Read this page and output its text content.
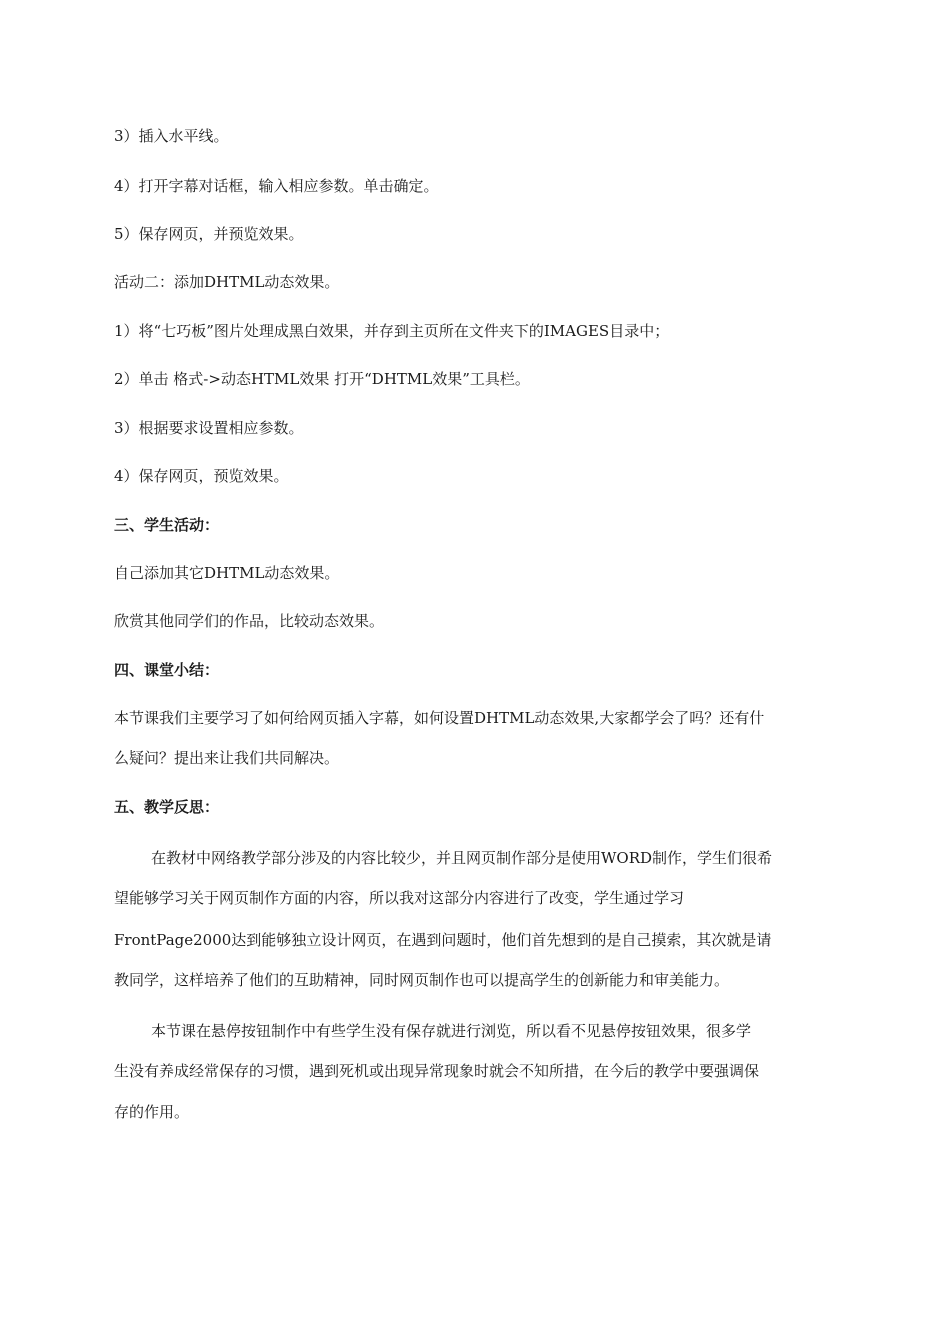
3）插入水平线。
4）打开字幕对话框，输入相应参数。单击确定。
5）保存网页，并预览效果。
活动二：添加DHTML动态效果。
1）将“七巧板”图片处理成黑白效果，并存到主页所在文件夹下的IMAGES目录中；
2）单击 格式->动态HTML效果 打开“DHTML效果”工具栏。
3）根据要求设置相应参数。
4）保存网页，预览效果。
三、学生活动：
自己添加其它DHTML动态效果。
欣赏其他同学们的作品，比较动态效果。
四、课堂小结：
本节课我们主要学习了如何给网页插入字幕，如何设置DHTML动态效果,大家都学会了吗？还有什
么疑问？提出来让我们共同解决。
五、教学反思：
在教材中网络教学部分涉及的内容比较少，并且网页制作部分是使用WORD制作，学生们很希
望能够学习关于网页制作方面的内容，所以我对这部分内容进行了改变，学生通过学习
FrontPage2000达到能够独立设计网页，在遇到问题时，他们首先想到的是自己摸索，其次就是请
教同学，这样培养了他们的互助精神，同时网页制作也可以提高学生的创新能力和审美能力。
本节课在悬停按钮制作中有些学生没有保存就进行浏览，所以看不见悬停按钮效果，很多学
生没有养成经常保存的习惯，遇到死机或出现异常现象时就会不知所措，在今后的教学中要强调保
存的作用。
